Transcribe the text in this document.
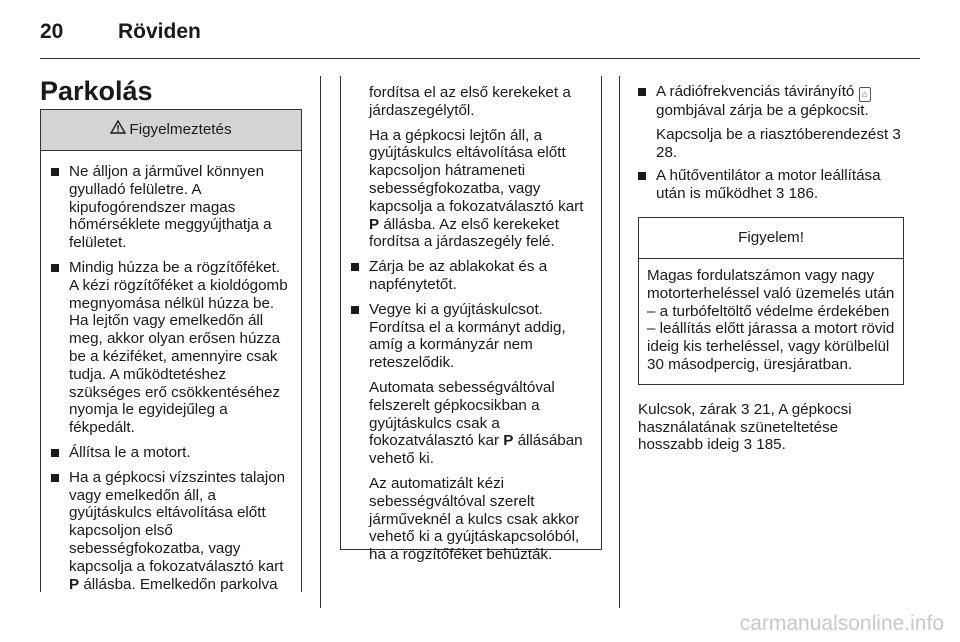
20	Röviden
Parkolás
Figyelmeztetés
Ne álljon a járművel könnyen gyulladó felületre. A kipufogórendszer magas hőmérséklete meggyújthatja a felületet.
Mindig húzza be a rögzítőféket. A kézi rögzítőféket a kioldógomb megnyomása nélkül húzza be. Ha lejtőn vagy emelkedőn áll meg, akkor olyan erősen húzza be a kéziféket, amennyire csak tudja. A működtetéshez szükséges erő csökkentéséhez nyomja le egyidejűleg a fékpedált.
Állítsa le a motort.
Ha a gépkocsi vízszintes talajon vagy emelkedőn áll, a gyújtáskulcs eltávolítása előtt kapcsoljon első sebességfokozatba, vagy kapcsolja a fokozatválasztó kart P állásba. Emelkedőn parkolva

fordítsa el az első kerekeket a járdaszegélytől.

Ha a gépkocsi lejtőn áll, a gyújtáskulcs eltávolítása előtt kapcsoljon hátrameneti sebességfokozatba, vagy kapcsolja a fokozatválasztó kart P állásba. Az első kerekeket fordítsa a járdaszegély felé.

Zárja be az ablakokat és a napfénytetőt.
Vegye ki a gyújtáskulcsot. Fordítsa el a kormányt addig, amíg a kormányzár nem reteszelődik.

Automata sebességváltóval felszerelt gépkocsikban a gyújtáskulcs csak a fokozatválasztó kar P állásában vehető ki.

Az automatizált kézi sebességváltóval szerelt járműveknél a kulcs csak akkor vehető ki a gyújtáskapcsolóból, ha a rögzítőféket behúzták.

A rádiófrekvenciás távirányító ⌂ gombjával zárja be a gépkocsit.

Kapcsolja be a riasztóberendezést 3 28.

A hűtőventilátor a motor leállítása után is működhet 3 186.
Figyelem!

Magas fordulatszámon vagy nagy motorterheléssel való üzemelés után – a turbófeltöltő védelme érdekében – leállítás előtt járassa a motort rövid ideig kis terheléssel, vagy körülbelül 30 másodpercig, üresjáratban.

Kulcsok, zárak 3 21, A gépkocsi használatának szüneteltetése hosszabb ideig 3 185.

carmanualsonline.info
